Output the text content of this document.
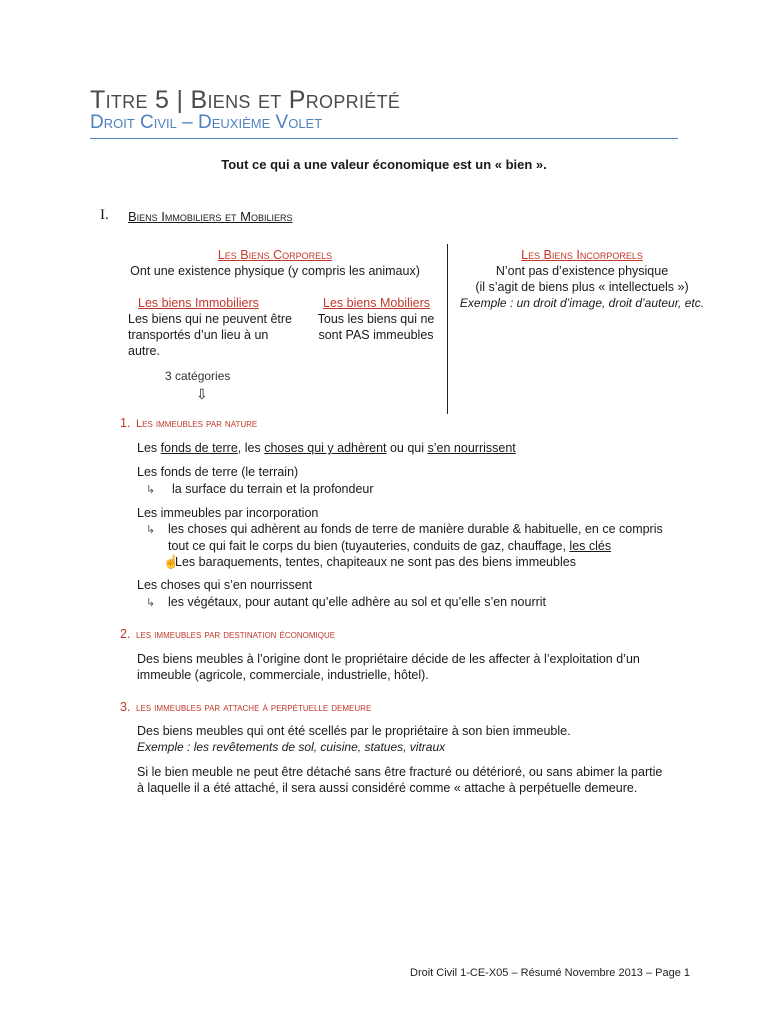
Titre 5 | Biens et Propriété
Droit Civil – Deuxième Volet
Tout ce qui a une valeur économique est un « bien ».
I. Biens Immobiliers et Mobiliers
Les Biens Corporels
Ont une existence physique (y compris les animaux)
Les biens Immobiliers
Les biens qui ne peuvent être
transportés d’un lieu à un
autre.
Les biens Mobiliers
Tous les biens qui ne
sont PAS immeubles
3 catégories
⇩
Les Biens Incorporels
N’ont pas d’existence physique
(il s’agit de biens plus « intellectuels »)
Exemple : un droit d’image, droit d’auteur, etc.
1. Les immeubles par nature
Les fonds de terre, les choses qui y adhèrent ou qui s’en nourrissent
Les fonds de terre (le terrain)
↳ la surface du terrain et la profondeur
Les immeubles par incorporation
↳ les choses qui adhèrent au fonds de terre de manière durable & habituelle, en ce compris
tout ce qui fait le corps du bien (tuyauteries, conduits de gaz, chauffage, les clés
☝Les baraquements, tentes, chapiteaux ne sont pas des biens immeubles
Les choses qui s’en nourrissent
↳ les végétaux, pour autant qu’elle adhère au sol et qu’elle s’en nourrit
2. les immeubles par destination économique
Des biens meubles à l’origine dont le propriétaire décide de les affecter à l’exploitation d’un
immeuble (agricole, commerciale, industrielle, hôtel).
3. les immeubles par attache à perpétuelle demeure
Des biens meubles qui ont été scellés par le propriétaire à son bien immeuble.
Exemple : les revêtements de sol, cuisine, statues, vitraux
Si le bien meuble ne peut être détaché sans être fracturé ou détérioré, ou sans abimer la partie
à laquelle il a été attaché, il sera aussi considéré comme « attache à perpétuelle demeure.
Droit Civil 1-CE-X05 – Résumé Novembre 2013 – Page 1
